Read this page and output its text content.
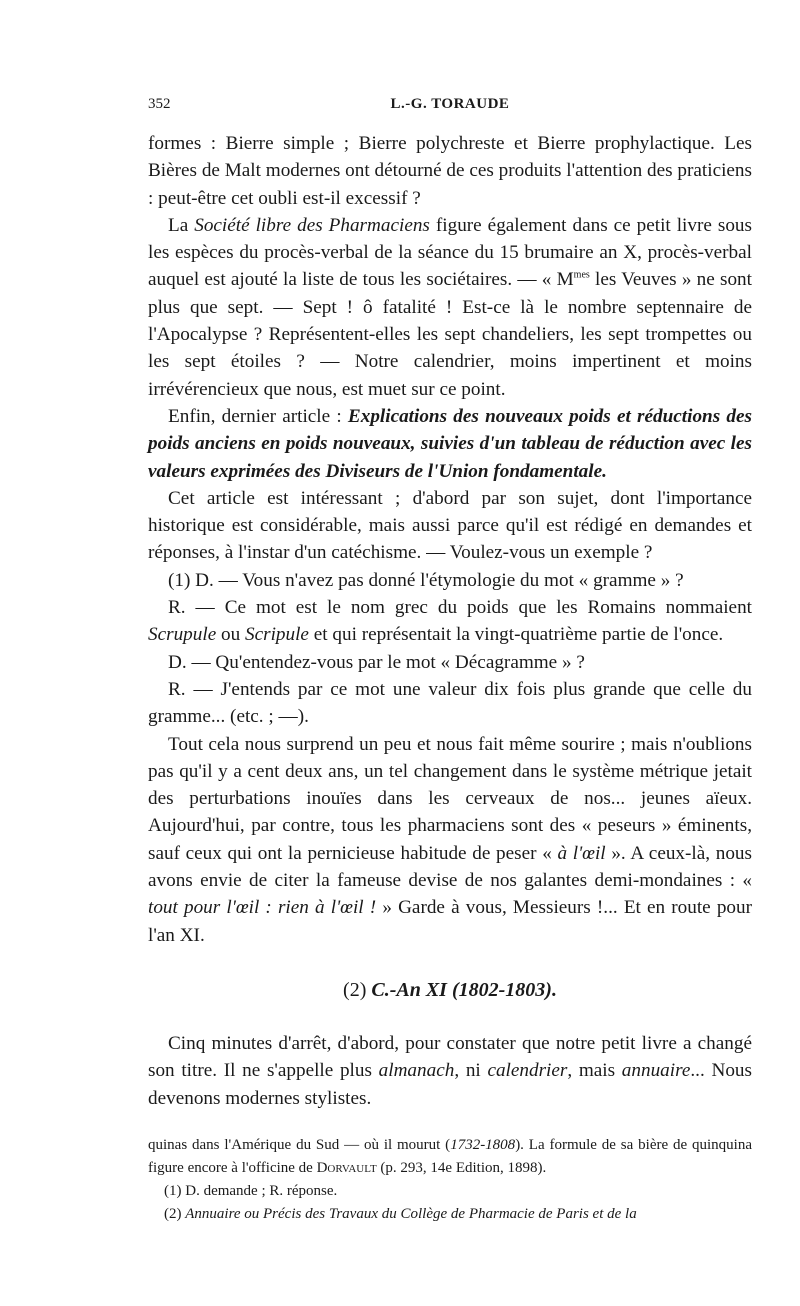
352	L.-G. TORAUDE

formes : Bierre simple ; Bierre polychreste et Bierre prophylactique. Les Bières de Malt modernes ont détourné de ces produits l'attention des praticiens : peut-être cet oubli est-il excessif ?

La Société libre des Pharmaciens figure également dans ce petit livre sous les espèces du procès-verbal de la séance du 15 brumaire an X, procès-verbal auquel est ajouté la liste de tous les sociétaires. — « $M^{mes}$ les Veuves » ne sont plus que sept. — Sept ! ô fatalité ! Est-ce là le nombre septennaire de l'Apocalypse ? Représentent-elles les sept chandeliers, les sept trompettes ou les sept étoiles ? — Notre calendrier, moins impertinent et moins irrévérencieux que nous, est muet sur ce point.

Enfin, dernier article : Explications des nouveaux poids et réductions des poids anciens en poids nouveaux, suivies d'un tableau de réduction avec les valeurs exprimées des Diviseurs de l'Union fondamentale.

Cet article est intéressant ; d'abord par son sujet, dont l'importance historique est considérable, mais aussi parce qu'il est rédigé en demandes et réponses, à l'instar d'un catéchisme. — Voulez-vous un exemple ?

(1) D. — Vous n'avez pas donné l'étymologie du mot « gramme » ?

R. — Ce mot est le nom grec du poids que les Romains nommaient Scrupule ou Scripule et qui représentait la vingt-quatrième partie de l'once.

D. — Qu'entendez-vous par le mot « Décagramme » ?

R. — J'entends par ce mot une valeur dix fois plus grande que celle du gramme... (etc. ; —).

Tout cela nous surprend un peu et nous fait même sourire ; mais n'oublions pas qu'il y a cent deux ans, un tel changement dans le système métrique jetait des perturbations inouïes dans les cerveaux de nos... jeunes aïeux. Aujourd'hui, par contre, tous les pharmaciens sont des « peseurs » éminents, sauf ceux qui ont la pernicieuse habitude de peser « à l'œil ». A ceux-là, nous avons envie de citer la fameuse devise de nos galantes demi-mondaines : « tout pour l'œil : rien à l'œil ! » Garde à vous, Messieurs !... Et en route pour l'an XI.

(2) C.-An XI (1802-1803).

Cinq minutes d'arrêt, d'abord, pour constater que notre petit livre a changé son titre. Il ne s'appelle plus almanach, ni calendrier, mais annuaire... Nous devenons modernes stylistes.

quinas dans l'Amérique du Sud — où il mourut (1732-1808). La formule de sa bière de quinquina figure encore à l'officine de Dorvault (p. 293, 14e Edition, 1898).

(1) D. demande ; R. réponse.

(2) Annuaire ou Précis des Travaux du Collège de Pharmacie de Paris et de la
